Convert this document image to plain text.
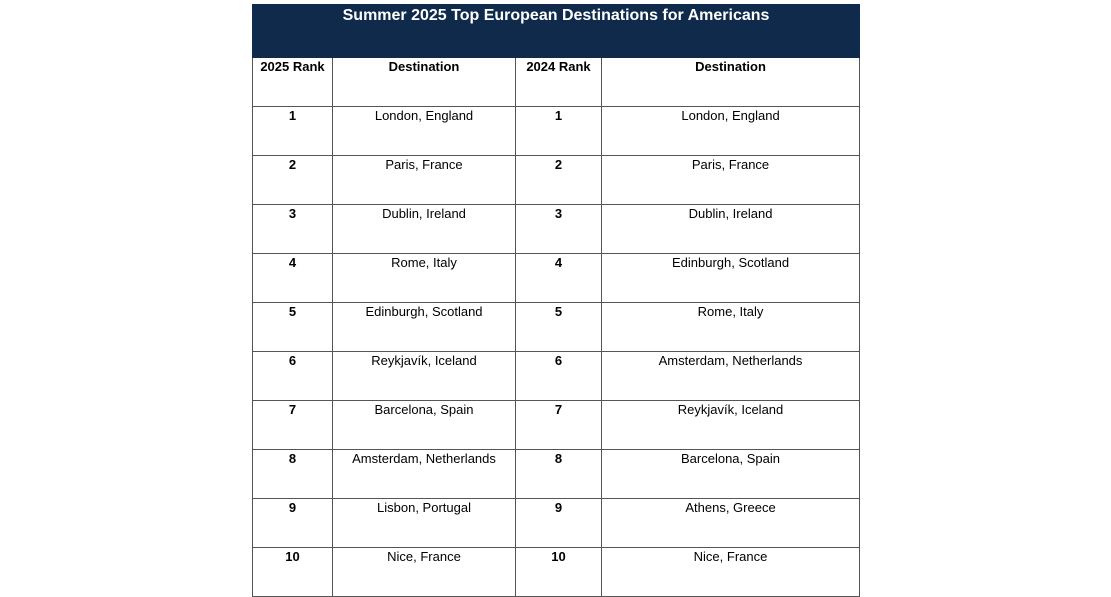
Summer 2025 Top European Destinations for Americans			
2025 Rank	Destination	2024 Rank	Destination
1	London, England	1	London, England
2	Paris, France	2	Paris, France
3	Dublin, Ireland	3	Dublin, Ireland
4	Rome, Italy	4	Edinburgh, Scotland
5	Edinburgh, Scotland	5	Rome, Italy
6	Reykjavík, Iceland	6	Amsterdam, Netherlands
7	Barcelona, Spain	7	Reykjavík, Iceland
8	Amsterdam, Netherlands	8	Barcelona, Spain
9	Lisbon, Portugal	9	Athens, Greece
10	Nice, France	10	Nice, France
